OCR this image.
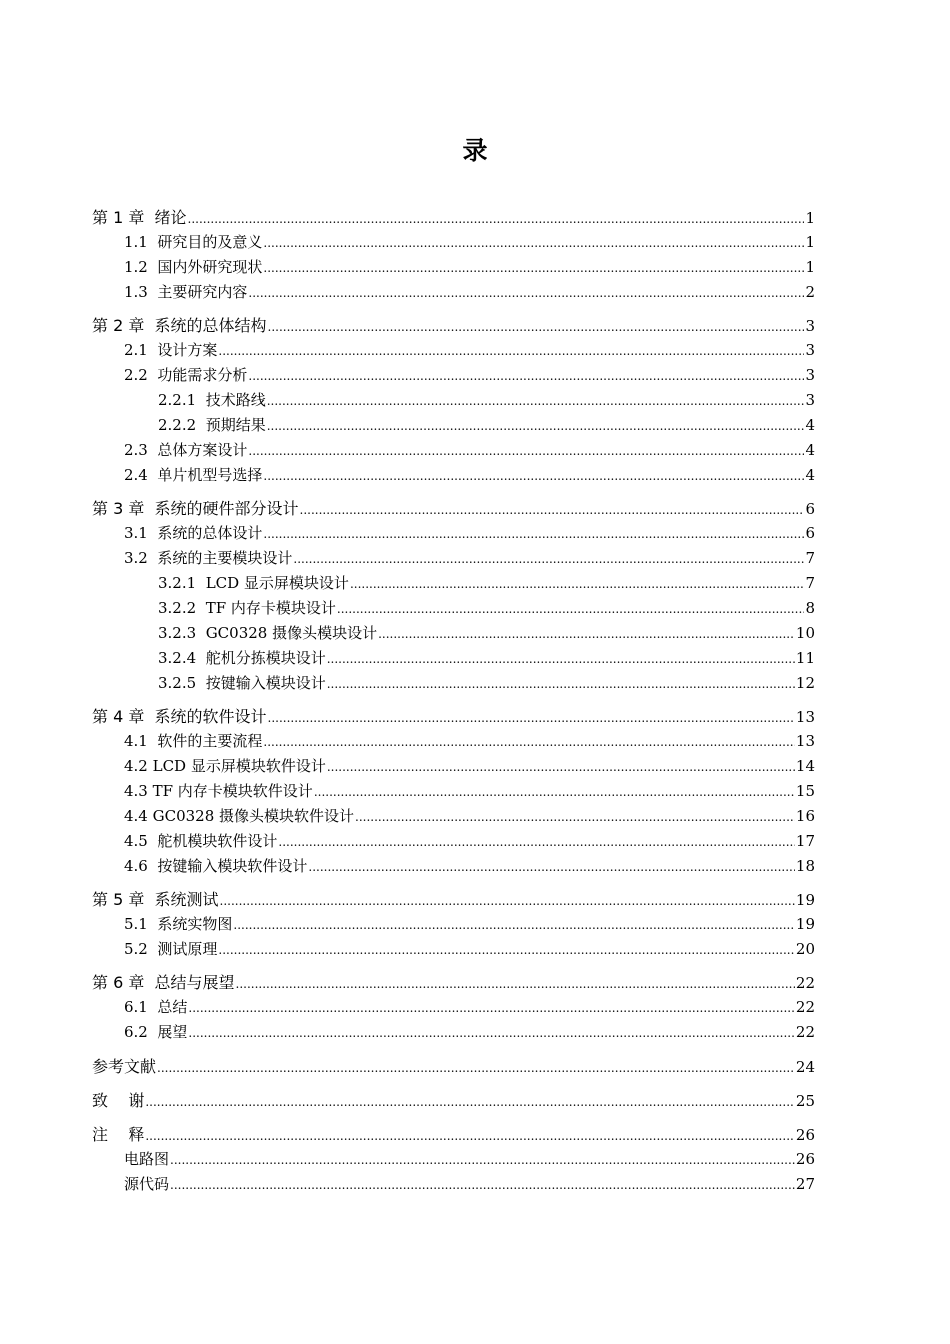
录
第 1 章  绪论 .....	1
1.1  研究目的及意义 .....	1
1.2  国内外研究现状 .....	1
1.3  主要研究内容 .....	2
第 2 章  系统的总体结构 .....	3
2.1  设计方案 .....	3
2.2  功能需求分析 .....	3
2.2.1  技术路线 .....	3
2.2.2  预期结果 .....	4
2.3  总体方案设计 .....	4
2.4  单片机型号选择 .....	4
第 3 章  系统的硬件部分设计 .....	6
3.1  系统的总体设计 .....	6
3.2  系统的主要模块设计 .....	7
3.2.1  LCD 显示屏模块设计 .....	7
3.2.2  TF 内存卡模块设计 .....	8
3.2.3  GC0328 摄像头模块设计 .....	10
3.2.4  舵机分拣模块设计 .....	11
3.2.5  按键输入模块设计 .....	12
第 4 章  系统的软件设计 .....	13
4.1  软件的主要流程 .....	13
4.2 LCD 显示屏模块软件设计 .....	14
4.3 TF 内存卡模块软件设计 .....	15
4.4 GC0328 摄像头模块软件设计 .....	16
4.5  舵机模块软件设计 .....	17
4.6  按键输入模块软件设计 .....	18
第 5 章  系统测试 .....	19
5.1  系统实物图 .....	19
5.2  测试原理 .....	20
第 6 章  总结与展望 .....	22
6.1  总结 .....	22
6.2  展望 .....	22
参考文献 .....	24
致    谢 .....	25
注    释 .....	26
电路图 .....	26
源代码 .....	27
